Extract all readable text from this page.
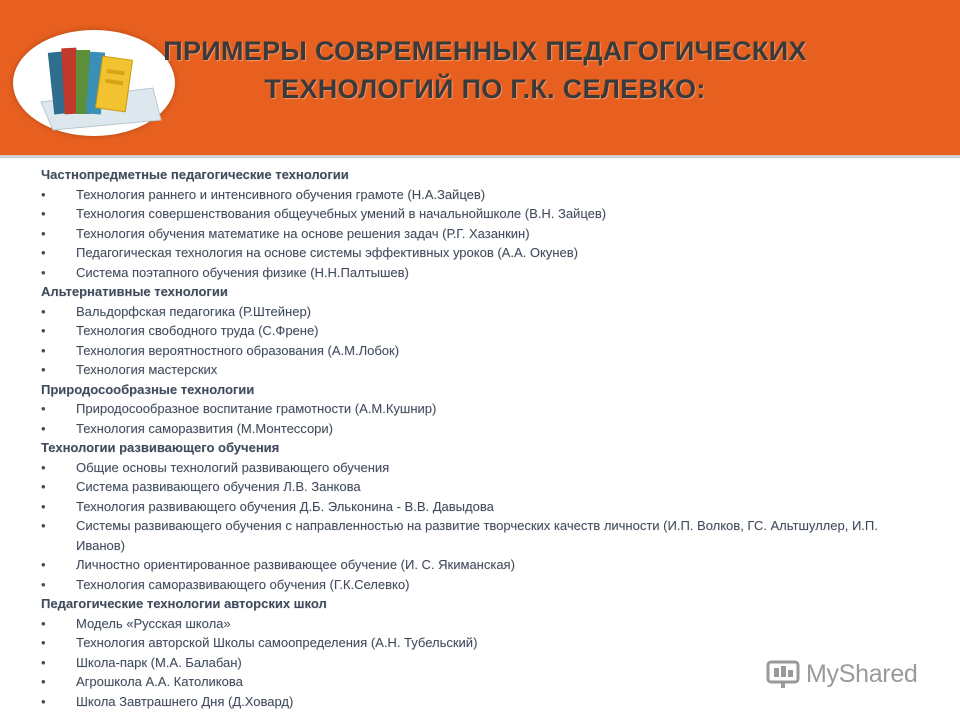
ПРИМЕРЫ СОВРЕМЕННЫХ ПЕДАГОГИЧЕСКИХ ТЕХНОЛОГИЙ ПО Г.К. СЕЛЕВКО:
Частнопредметные педагогические технологии
• Технология раннего и интенсивного обучения грамоте (Н.А.Зайцев)
• Технология совершенствования общеучебных умений в начальнойшколе (В.Н. Зайцев)
• Технология обучения математике на основе решения задач (Р.Г. Хазанкин)
• Педагогическая технология на основе системы эффективных уроков (А.А. Окунев)
• Система поэтапного обучения физике (Н.Н.Палтышев)
Альтернативные технологии
• Вальдорфская педагогика (Р.Штейнер)
• Технология свободного труда (С.Френе)
• Технология вероятностного образования (А.М.Лобок)
• Технология мастерских
Природосообразные технологии
• Природосообразное воспитание грамотности (А.М.Кушнир)
• Технология саморазвития (М.Монтессори)
Технологии развивающего обучения
• Общие основы технологий развивающего обучения
• Система развивающего обучения Л.В. Занкова
• Технология развивающего обучения Д.Б. Эльконина - В.В. Давыдова
• Системы развивающего обучения с направленностью на развитие творческих качеств личности (И.П. Волков, ГС. Альтшуллер, И.П. Иванов)
• Личностно ориентированное развивающее обучение (И. С. Якиманская)
• Технология саморазвивающего обучения (Г.К.Селевко)
Педагогические технологии авторских школ
• Модель «Русская школа»
• Технология авторской Школы самоопределения (А.Н. Тубельский)
• Школа-парк (М.А. Балабан)
• Агрошкола А.А. Католикова
• Школа Завтрашнего Дня (Д.Ховард)
MyShared
